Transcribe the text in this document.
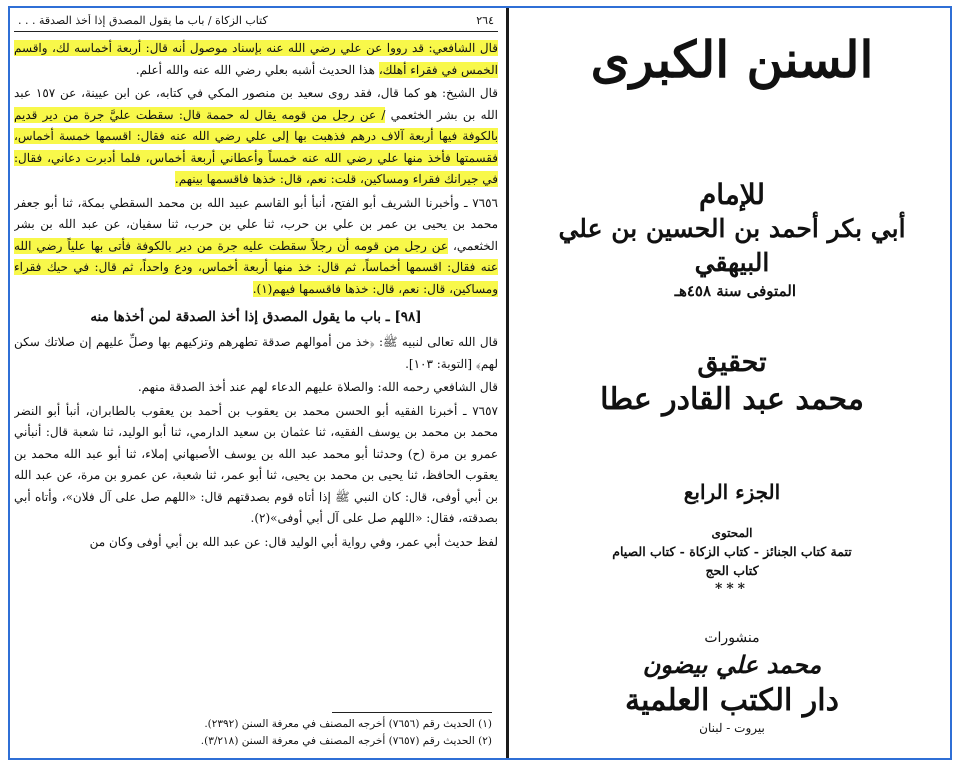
٢٦٤
كتاب الزكاة / باب ما يقول المصدق إذا أخذ الصدقة . . .

قال الشافعي: قد رووا عن علي رضي الله عنه بإسناد موصول أنه قال: أربعة أخماسه لك، واقسم الخمس في فقراء أهلك، هذا الحديث أشبه بعلي رضي الله عنه والله أعلم.

قال الشيخ: هو كما قال، فقد روى سعيد بن منصور المكي في كتابه، عن ابن عيينة، عن ١٥٧ عبد الله بن بشر الخثعمي / عن رجل من قومه يقال له حممة قال: سقطت عليَّ جرة من دير قديم بالكوفة فيها أربعة آلاف درهم فذهبت بها إلى علي رضي الله عنه فقال: اقسمها خمسة أخماس، فقسمتها فأخذ منها علي رضي الله عنه خمساً وأعطاني أربعة أخماس، فلما أدبرت دعاني، فقال: في جيرانك فقراء ومساكين، قلت: نعم، قال: خذها فاقسمها بينهم.

٧٦٥٦ ـ وأخبرنا الشريف أبو الفتح، أنبأ أبو القاسم عبيد الله بن محمد السقطي بمكة، ثنا أبو جعفر محمد بن يحيى بن عمر بن علي بن حرب، ثنا علي بن حرب، ثنا سفيان، عن عبد الله بن بشر الخثعمي، عن رجل من قومه أن رجلاً سقطت عليه جرة من دير بالكوفة فأتى بها علياً رضي الله عنه فقال: اقسمها أخماساً، ثم قال: خذ منها أربعة أخماس، ودع واحداً، ثم قال: في حيك فقراء ومساكين، قال: نعم، قال: خذها فاقسمها فيهم(١).

[٩٨] ـ باب ما يقول المصدق إذا أخذ الصدقة لمن أخذها منه

قال الله تعالى لنبيه ﷺ: ﴿خذ من أموالهم صدقة تطهرهم وتزكيهم بها وصلِّ عليهم إن صلاتك سكن لهم﴾ [التوبة: ١٠٣].

قال الشافعي رحمه الله: والصلاة عليهم الدعاء لهم عند أخذ الصدقة منهم.

٧٦٥٧ ـ أخبرنا الفقيه أبو الحسن محمد بن يعقوب بن أحمد بن يعقوب بالطابران، أنبأ أبو النضر محمد بن محمد بن يوسف الفقيه، ثنا عثمان بن سعيد الدارمي، ثنا أبو الوليد، ثنا شعبة قال: أنبأني عمرو بن مرة (ح) وحدثنا أبو محمد عبد الله بن يوسف الأصبهاني إملاء، ثنا أبو عبد الله محمد بن يعقوب الحافظ، ثنا يحيى بن محمد بن يحيى، ثنا أبو عمر، ثنا شعبة، عن عمرو بن مرة، عن عبد الله بن أبي أوفى، قال: كان النبي ﷺ إذا أتاه قوم بصدقتهم قال: «اللهم صل على آل فلان»، وأتاه أبي بصدقته، فقال: «اللهم صل على آل أبي أوفى»(٢).

لفظ حديث أبي عمر، وفي رواية أبي الوليد قال: عن عبد الله بن أبي أوفى وكان من

(١) الحديث رقم (٧٦٥٦) أخرجه المصنف في معرفة السنن (٢٣٩٢).
(٢) الحديث رقم (٧٦٥٧) أخرجه المصنف في معرفة السنن (٣/٢١٨).
السنن الكبرى
للإمام
أبي بكر أحمد بن الحسين بن علي البيهقي
المتوفى سنة ٤٥٨هـ
تحقيق
محمد عبد القادر عطا
الجزء الرابع
المحتوى
تتمة كتاب الجنائز - كتاب الزكاة - كتاب الصيام
كتاب الحج
***
منشورات
محمد علي بيضون
دار الكتب العلمية
بيروت - لبنان
